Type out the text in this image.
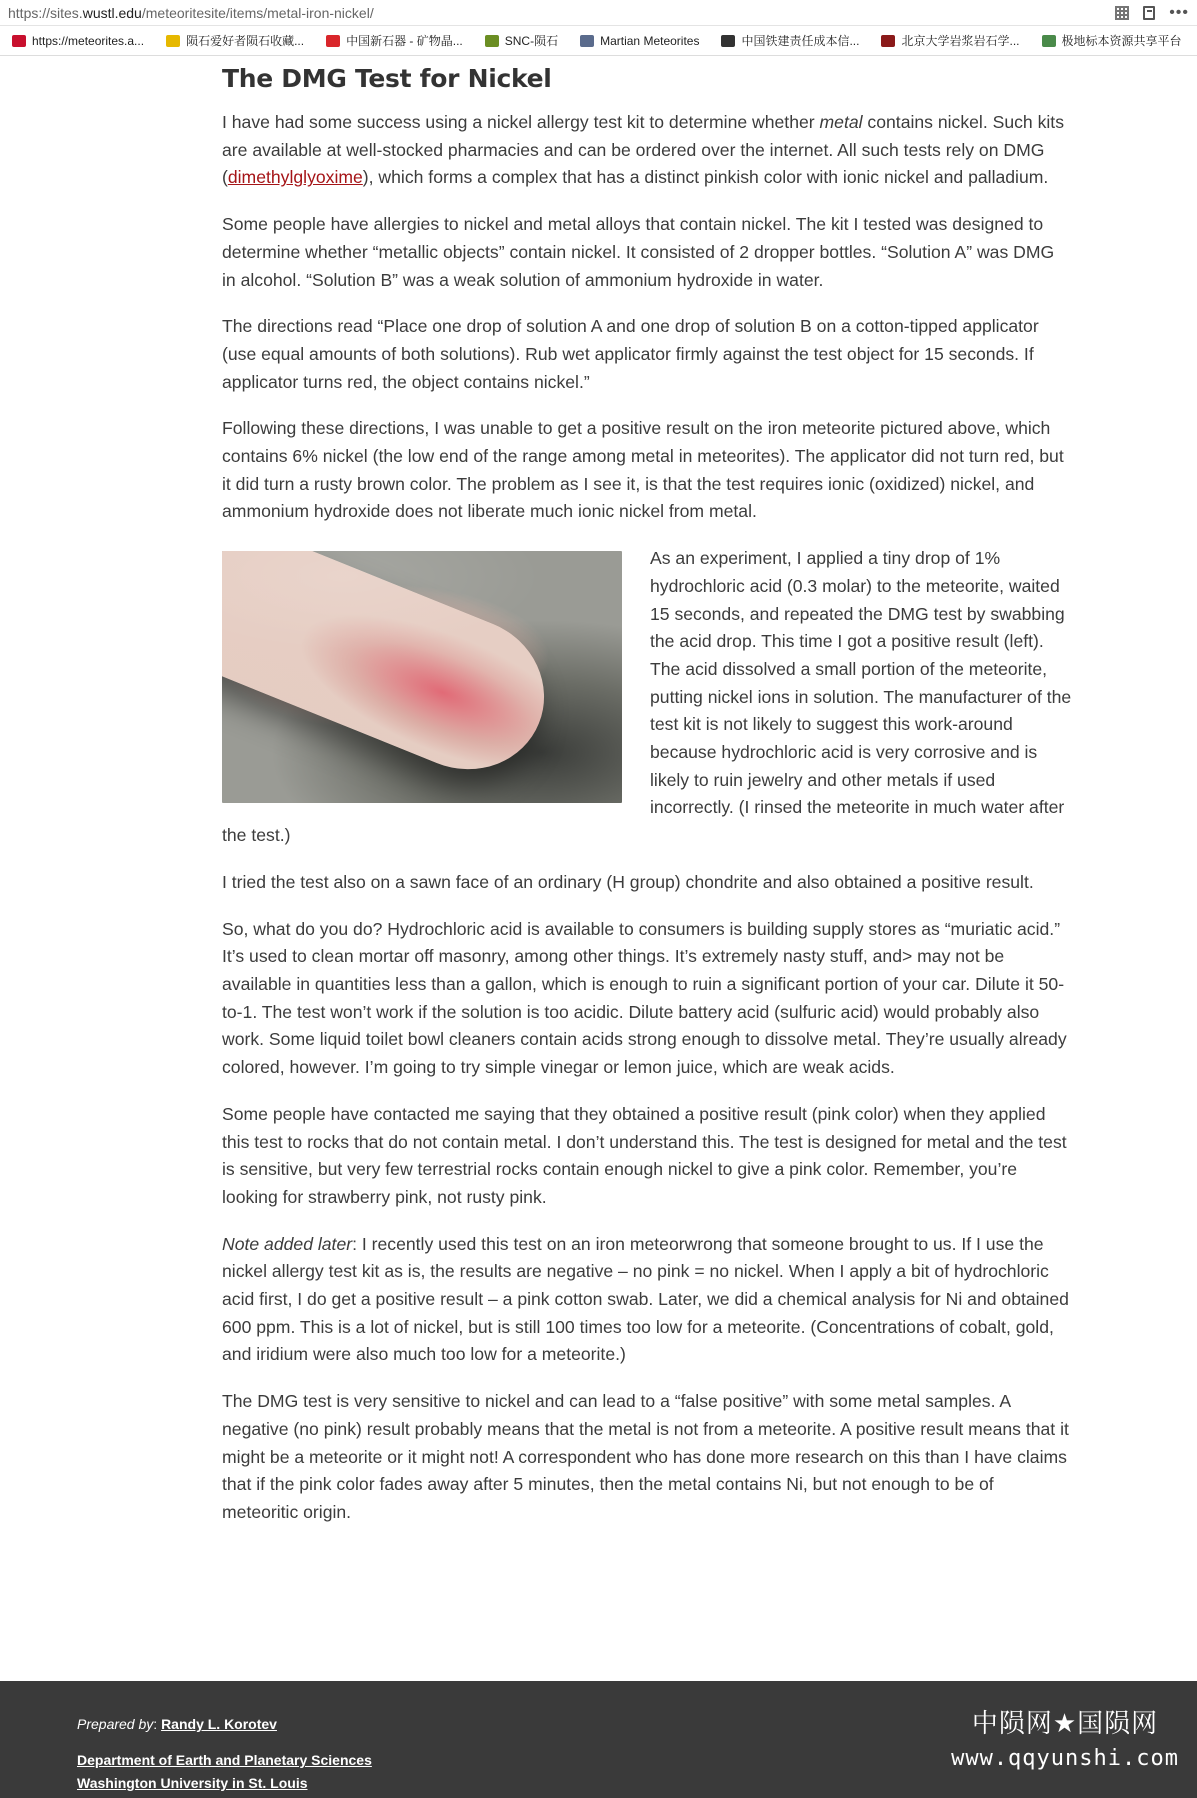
https://sites.wustl.edu/meteoritesite/items/metal-iron-nickel/	•••
https://meteorites.a...	陨石爱好者陨石收藏...	中国新石器 - 矿物晶...	SNC-陨石	Martian Meteorites	中国铁建责任成本信...	北京大学岩浆岩石学...	极地标本资源共享平台
The DMG Test for Nickel

I have had some success using a nickel allergy test kit to determine whether metal contains nickel. Such kits are available at well-stocked pharmacies and can be ordered over the internet. All such tests rely on DMG (dimethylglyoxime), which forms a complex that has a distinct pinkish color with ionic nickel and palladium.

Some people have allergies to nickel and metal alloys that contain nickel. The kit I tested was designed to determine whether “metallic objects” contain nickel. It consisted of 2 dropper bottles. “Solution A” was DMG in alcohol. “Solution B” was a weak solution of ammonium hydroxide in water.

The directions read “Place one drop of solution A and one drop of solution B on a cotton-tipped applicator (use equal amounts of both solutions). Rub wet applicator firmly against the test object for 15 seconds. If applicator turns red, the object contains nickel.”

Following these directions, I was unable to get a positive result on the iron meteorite pictured above, which contains 6% nickel (the low end of the range among metal in meteorites). The applicator did not turn red, but it did turn a rusty brown color. The problem as I see it, is that the test requires ionic (oxidized) nickel, and ammonium hydroxide does not liberate much ionic nickel from metal.

As an experiment, I applied a tiny drop of 1% hydrochloric acid (0.3 molar) to the meteorite, waited 15 seconds, and repeated the DMG test by swabbing the acid drop. This time I got a positive result (left). The acid dissolved a small portion of the meteorite, putting nickel ions in solution. The manufacturer of the test kit is not likely to suggest this work-around because hydrochloric acid is very corrosive and is likely to ruin jewelry and other metals if used incorrectly. (I rinsed the meteorite in much water after the test.)

I tried the test also on a sawn face of an ordinary (H group) chondrite and also obtained a positive result.

So, what do you do? Hydrochloric acid is available to consumers is building supply stores as “muriatic acid.” It’s used to clean mortar off masonry, among other things. It’s extremely nasty stuff, and> may not be available in quantities less than a gallon, which is enough to ruin a significant portion of your car. Dilute it 50-to-1. The test won’t work if the solution is too acidic. Dilute battery acid (sulfuric acid) would probably also work. Some liquid toilet bowl cleaners contain acids strong enough to dissolve metal. They’re usually already colored, however. I’m going to try simple vinegar or lemon juice, which are weak acids.

Some people have contacted me saying that they obtained a positive result (pink color) when they applied this test to rocks that do not contain metal. I don’t understand this. The test is designed for metal and the test is sensitive, but very few terrestrial rocks contain enough nickel to give a pink color. Remember, you’re looking for strawberry pink, not rusty pink.

Note added later: I recently used this test on an iron meteorwrong that someone brought to us. If I use the nickel allergy test kit as is, the results are negative – no pink = no nickel. When I apply a bit of hydrochloric acid first, I do get a positive result – a pink cotton swab. Later, we did a chemical analysis for Ni and obtained 600 ppm. This is a lot of nickel, but is still 100 times too low for a meteorite. (Concentrations of cobalt, gold, and iridium were also much too low for a meteorite.)

The DMG test is very sensitive to nickel and can lead to a “false positive” with some metal samples. A negative (no pink) result probably means that the metal is not from a meteorite. A positive result means that it might be a meteorite or it might not! A correspondent who has done more research on this than I have claims that if the pink color fades away after 5 minutes, then the metal contains Ni, but not enough to be of meteoritic origin.

Prepared by: Randy L. Korotev
Department of Earth and Planetary Sciences
Washington University in St. Louis
中陨网★国陨网
www.qqyunshi.com
